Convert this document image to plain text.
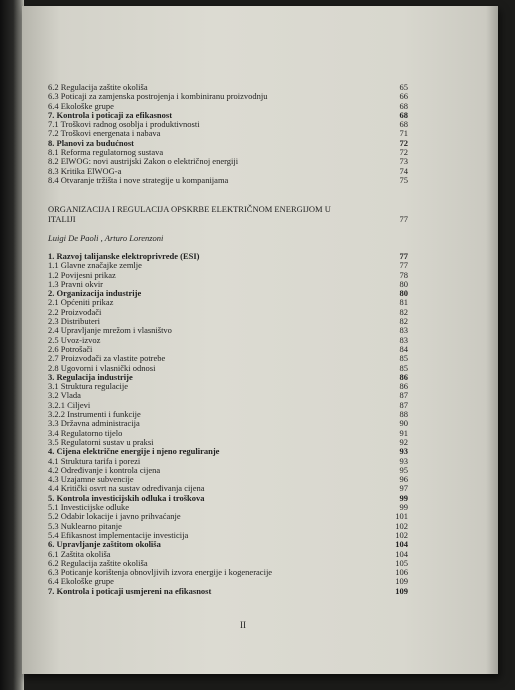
6.2 Regulacija zaštite okoliša	65
6.3 Poticaji za zamjenska postrojenja i kombiniranu proizvodnju	66
6.4 Ekološke grupe	68
7. Kontrola i poticaji za efikasnost	68
7.1 Troškovi radnog osoblja i produktivnosti	68
7.2 Troškovi energenata i nabava	71
8. Planovi za budućnost	72
8.1 Reforma regulatornog sustava	72
8.2 ElWOG: novi austrijski Zakon o električnoj energiji	73
8.3 Kritika ElWOG-a	74
8.4 Otvaranje tržišta i nove strategije u kompanijama	75
ORGANIZACIJA I REGULACIJA OPSKRBE ELEKTRIČNOM ENERGIJOM U ITALIJI	77
Luigi De Paoli , Arturo Lorenzoni
1. Razvoj talijanske elektroprivrede (ESI)	77
1.1 Glavne značajke zemlje	77
1.2 Povijesni prikaz	78
1.3 Pravni okvir	80
2. Organizacija industrije	80
2.1 Općeniti prikaz	81
2.2 Proizvođači	82
2.3 Distributeri	82
2.4 Upravljanje mrežom i vlasništvo	83
2.5 Uvoz-izvoz	83
2.6 Potrošači	84
2.7 Proizvođači za vlastite potrebe	85
2.8 Ugovorni i vlasnički odnosi	85
3. Regulacija industrije	86
3.1 Struktura regulacije	86
3.2 Vlada	87
3.2.1 Ciljevi	87
3.2.2 Instrumenti i funkcije	88
3.3 Državna administracija	90
3.4 Regulatorno tijelo	91
3.5 Regulatorni sustav u praksi	92
4. Cijena električne energije i njeno reguliranje	93
4.1 Struktura tarifa i porezi	93
4.2 Određivanje i kontrola cijena	95
4.3 Uzajamne subvencije	96
4.4 Kritički osvrt na sustav određivanja cijena	97
5. Kontrola investicijskih odluka i troškova	99
5.1 Investicijske odluke	99
5.2 Odabir lokacije i javno prihvaćanje	101
5.3 Nuklearno pitanje	102
5.4 Efikasnost implementacije investicija	102
6. Upravljanje zaštitom okoliša	104
6.1 Zaštita okoliša	104
6.2 Regulacija zaštite okoliša	105
6.3 Poticanje korištenja obnovljivih izvora energije i kogeneracije	106
6.4 Ekološke grupe	109
7. Kontrola i poticaji usmjereni na efikasnost	109
II
